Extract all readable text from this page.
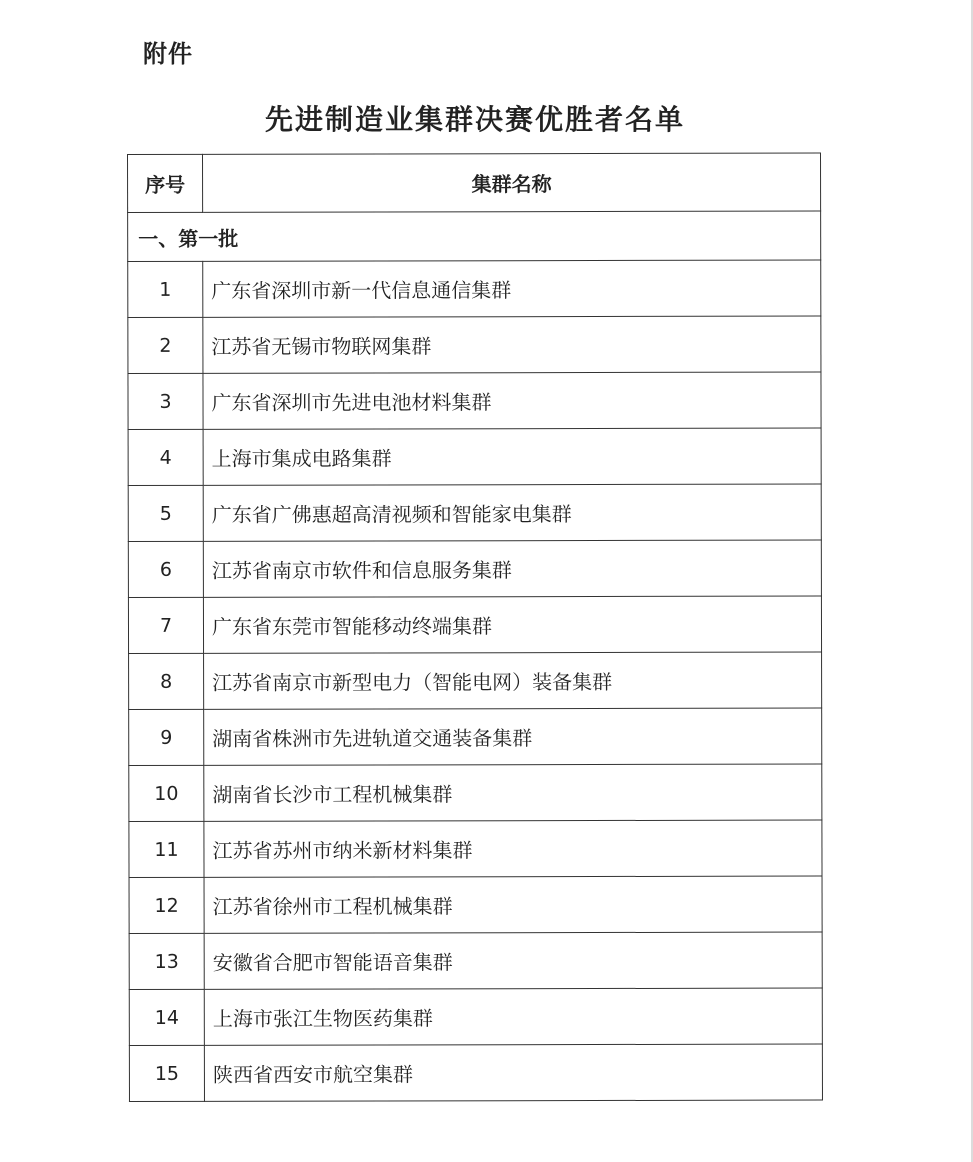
附件
先进制造业集群决赛优胜者名单
序号	集群名称
一、第一批	
1	广东省深圳市新一代信息通信集群
2	江苏省无锡市物联网集群
3	广东省深圳市先进电池材料集群
4	上海市集成电路集群
5	广东省广佛惠超高清视频和智能家电集群
6	江苏省南京市软件和信息服务集群
7	广东省东莞市智能移动终端集群
8	江苏省南京市新型电力（智能电网）装备集群
9	湖南省株洲市先进轨道交通装备集群
10	湖南省长沙市工程机械集群
11	江苏省苏州市纳米新材料集群
12	江苏省徐州市工程机械集群
13	安徽省合肥市智能语音集群
14	上海市张江生物医药集群
15	陕西省西安市航空集群
